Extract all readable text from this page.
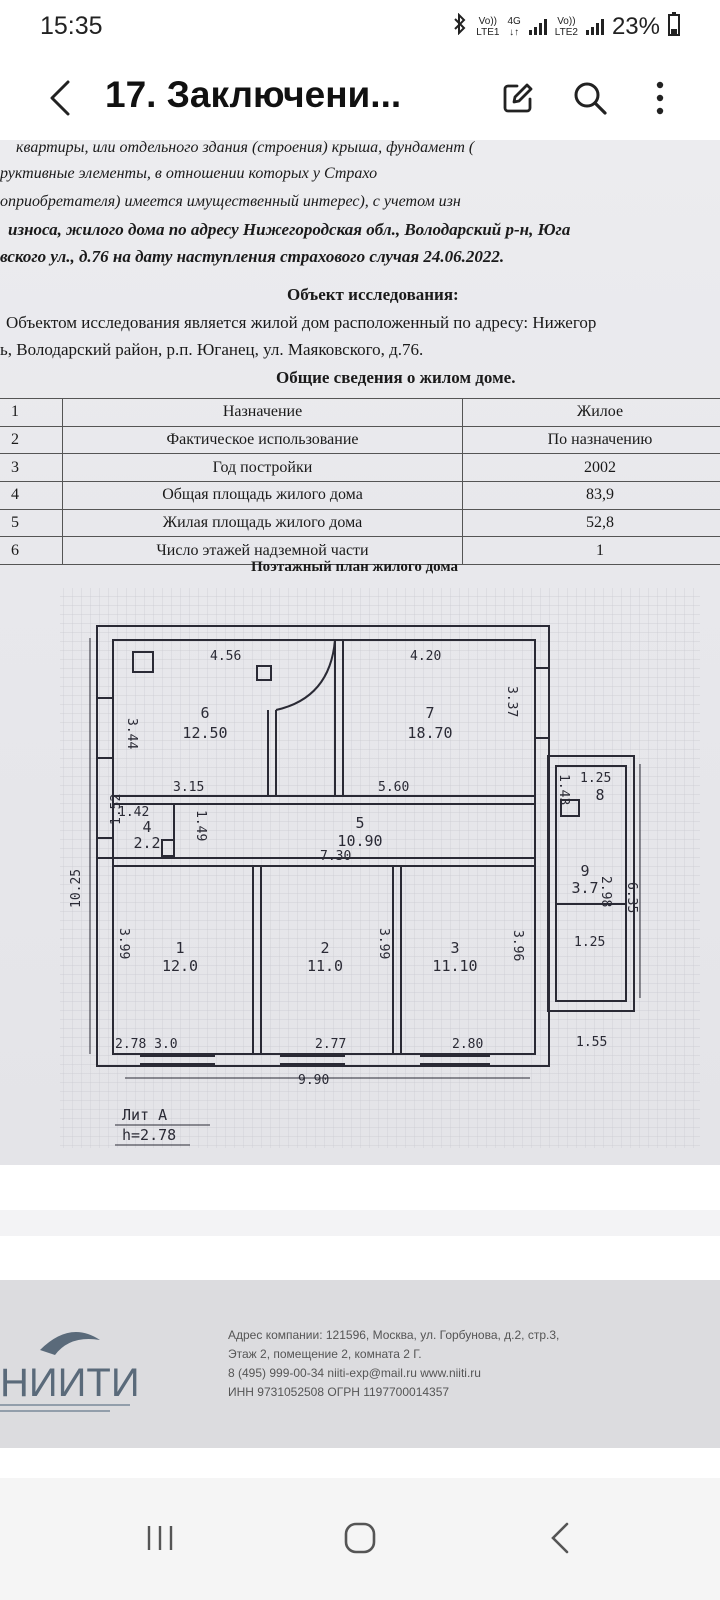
15:35	Vo))
LTE1
4G
↓↑
Vo))
LTE2 23%
17. Заключени...
квартиры, или отдельного здания (строения) крыша, фундамент (
руктивные элементы, в отношении которых у Страхо
оприобретателя) имеется имущественный интерес), с учетом изн
износа, жилого дома по адресу Нижегородская обл., Володарский р-н, Юга
вского ул., д.76 на дату наступления страхового случая 24.06.2022.
Объект исследования:
Объектом исследования является жилой дом расположенный по адресу: Нижегор
ь, Володарский район, р.п. Юганец, ул. Маяковского, д.76.
Общие сведения о жилом доме.
1	Назначение	Жилое
2	Фактическое использование	По назначению
3	Год постройки	2002
4	Общая площадь жилого дома	83,9
5	Жилая площадь жилого дома	52,8
6	Число этажей надземной части	1
Поэтажный план жилого дома
4.56	4.20
3.44
3.37
3.15	5.60
1.42
1.52
1.49
7.30
10.25
3.99	3.99	3.96
1.43 1.25
2.98 6.35
1.25
1.55
2.78 3.0	2.77	2.80
9.90
6
12.50
7
18.70
5
10.90
4
2.2
1
12.0
2
11.0
3
11.10
8
9
3.7
Лит А
h=2.78
НИИТИ
Адрес компании: 121596, Москва, ул. Горбунова, д.2, стр.3,
Этаж 2, помещение 2, комната 2 Г.
8 (495) 999-00-34 niiti-exp@mail.ru www.niiti.ru
ИНН 9731052508 ОГРН 1197700014357
